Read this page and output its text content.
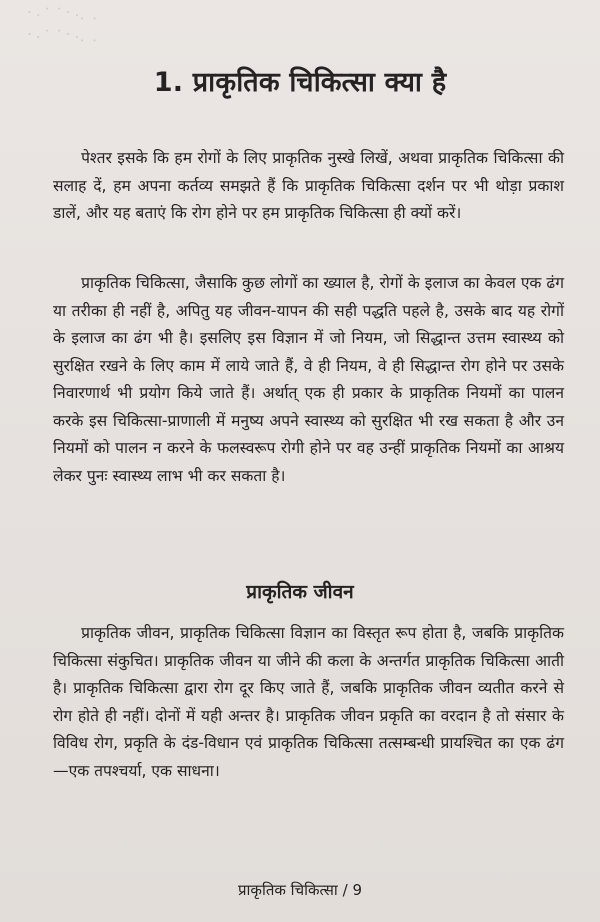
⠀⠂⠄⠁⠈⠐⠠⡀⢀
⠀⠂⠄⠁⠈⠐⠠⡀⢀
1. प्राकृतिक चिकित्सा क्या है

पेश्तर इसके कि हम रोगों के लिए प्राकृतिक नुस्खे लिखें, अथवा प्राकृतिक चिकित्सा की सलाह दें, हम अपना कर्तव्य समझते हैं कि प्राकृतिक चिकित्सा दर्शन पर भी थोड़ा प्रकाश डालें, और यह बताएं कि रोग होने पर हम प्राकृतिक चिकित्सा ही क्यों करें।

प्राकृतिक चिकित्सा, जैसाकि कुछ लोगों का ख्याल है, रोगों के इलाज का केवल एक ढंग या तरीका ही नहीं है, अपितु यह जीवन-यापन की सही पद्धति पहले है, उसके बाद यह रोगों के इलाज का ढंग भी है। इसलिए इस विज्ञान में जो नियम, जो सिद्धान्त उत्तम स्वास्थ्य को सुरक्षित रखने के लिए काम में लाये जाते हैं, वे ही नियम, वे ही सिद्धान्त रोग होने पर उसके निवारणार्थ भी प्रयोग किये जाते हैं। अर्थात् एक ही प्रकार के प्राकृतिक नियमों का पालन करके इस चिकित्सा-प्राणाली में मनुष्य अपने स्वास्थ्य को सुरक्षित भी रख सकता है और उन नियमों को पालन न करने के फलस्वरूप रोगी होने पर वह उन्हीं प्राकृतिक नियमों का आश्रय लेकर पुनः स्वास्थ्य लाभ भी कर सकता है।

प्राकृतिक जीवन

प्राकृतिक जीवन, प्राकृतिक चिकित्सा विज्ञान का विस्तृत रूप होता है, जबकि प्राकृतिक चिकित्सा संकुचित। प्राकृतिक जीवन या जीने की कला के अन्तर्गत प्राकृतिक चिकित्सा आती है। प्राकृतिक चिकित्सा द्वारा रोग दूर किए जाते हैं, जबकि प्राकृतिक जीवन व्यतीत करने से रोग होते ही नहीं। दोनों में यही अन्तर है। प्राकृतिक जीवन प्रकृति का वरदान है तो संसार के विविध रोग, प्रकृति के दंड-विधान एवं प्राकृतिक चिकित्सा तत्सम्बन्धी प्रायश्चित का एक ढंग—एक तपश्चर्या, एक साधना।

प्राकृतिक चिकित्सा / 9
